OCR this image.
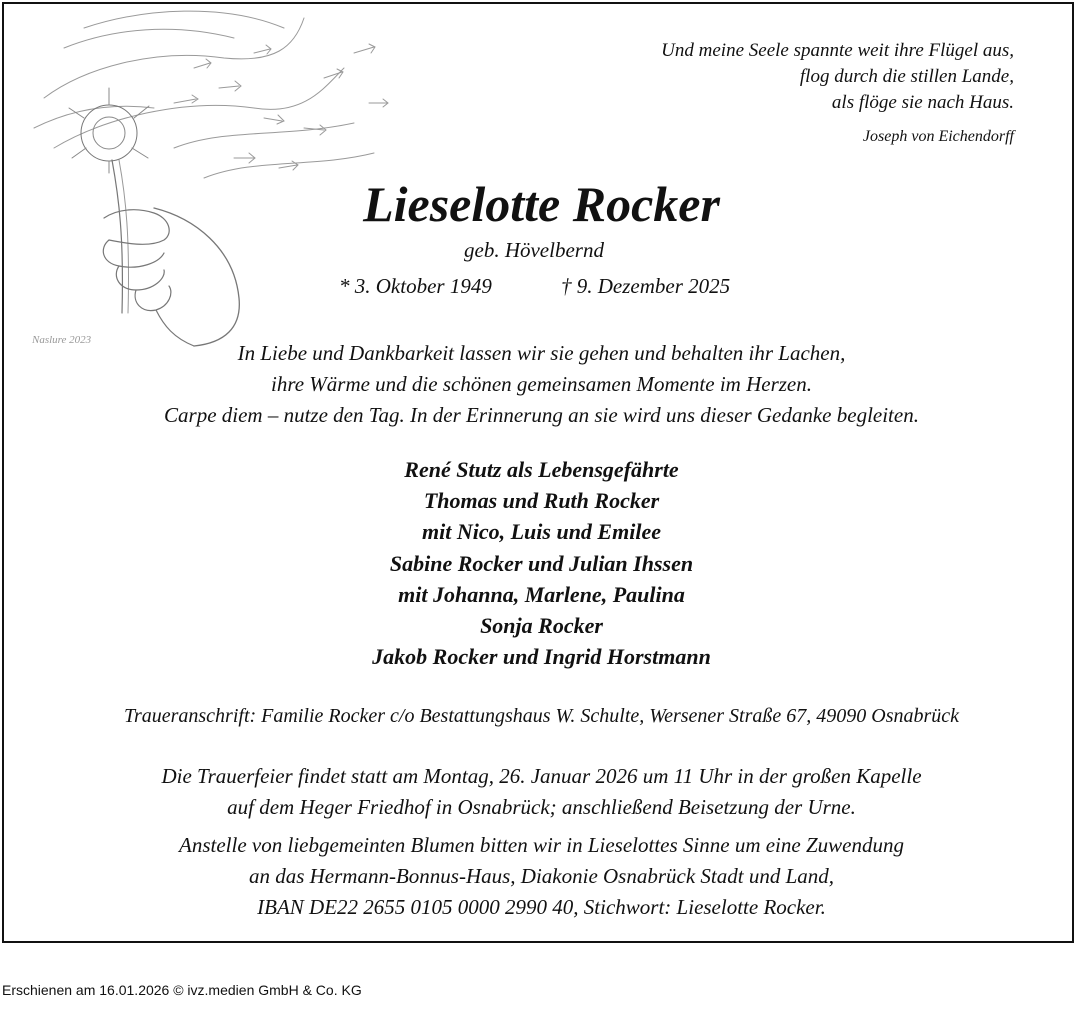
Naslure 2023
Und meine Seele spannte weit ihre Flügel aus,
flog durch die stillen Lande,
als flöge sie nach Haus.
Joseph von Eichendorff
Lieselotte Rocker
geb. Hövelbernd
* 3. Oktober 1949	† 9. Dezember 2025
In Liebe und Dankbarkeit lassen wir sie gehen und behalten ihr Lachen,
ihre Wärme und die schönen gemeinsamen Momente im Herzen.
Carpe diem – nutze den Tag. In der Erinnerung an sie wird uns dieser Gedanke begleiten.
René Stutz als Lebensgefährte
Thomas und Ruth Rocker
mit Nico, Luis und Emilee
Sabine Rocker und Julian Ihssen
mit Johanna, Marlene, Paulina
Sonja Rocker
Jakob Rocker und Ingrid Horstmann
Traueranschrift: Familie Rocker c/o Bestattungshaus W. Schulte, Wersener Straße 67, 49090 Osnabrück
Die Trauerfeier findet statt am Montag, 26. Januar 2026 um 11 Uhr in der großen Kapelle
auf dem Heger Friedhof in Osnabrück; anschließend Beisetzung der Urne.
Anstelle von liebgemeinten Blumen bitten wir in Lieselottes Sinne um eine Zuwendung
an das Hermann-Bonnus-Haus, Diakonie Osnabrück Stadt und Land,
IBAN DE22 2655 0105 0000 2990 40, Stichwort: Lieselotte Rocker.
Erschienen am 16.01.2026 © ivz.medien GmbH & Co. KG
